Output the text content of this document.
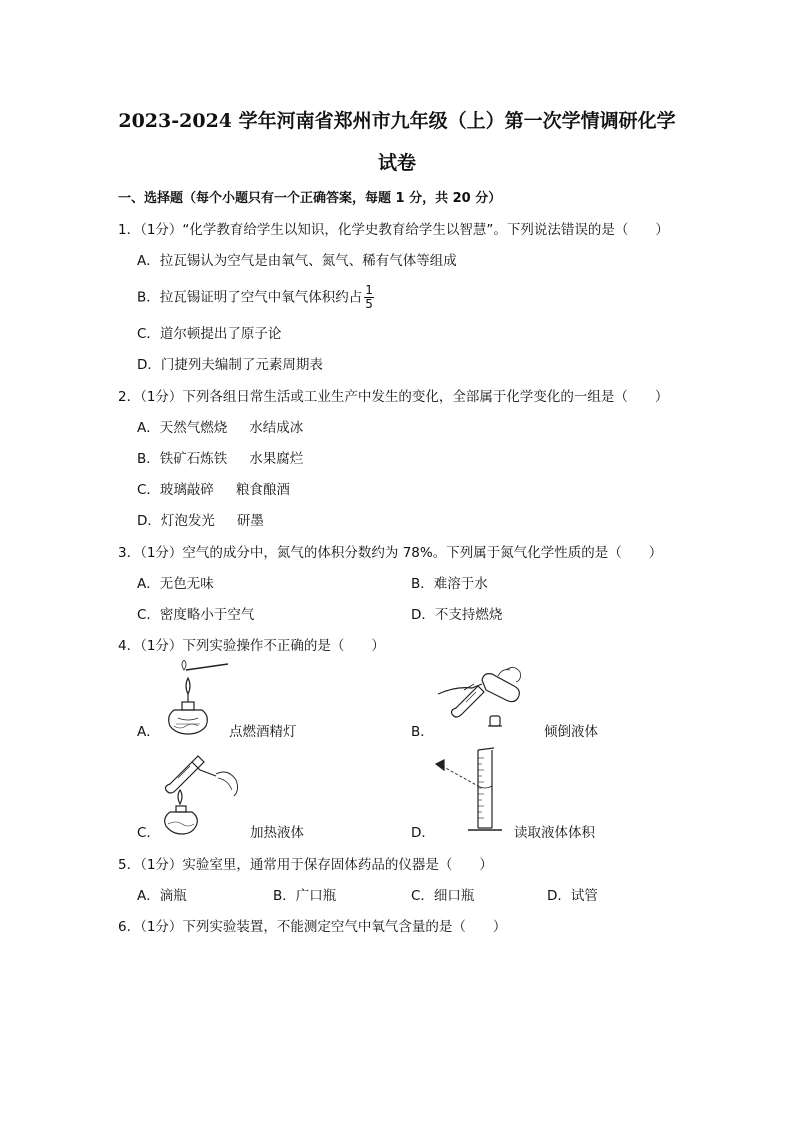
2023-2024 学年河南省郑州市九年级（上）第一次学情调研化学
试卷
一、选择题（每个小题只有一个正确答案，每题 1 分，共 20 分）
1．（1分）“化学教育给学生以知识，化学史教育给学生以智慧”。下列说法错误的是（　　）
A．拉瓦锡认为空气是由氧气、氮气、稀有气体等组成
B．拉瓦锡证明了空气中氧气体积约占 $\frac{1}{5}$
C．道尔顿提出了原子论
D．门捷列夫编制了元素周期表
2．（1分）下列各组日常生活或工业生产中发生的变化，全部属于化学变化的一组是（　　）
A．天然气燃烧 水结成冰
B．铁矿石炼铁 水果腐烂
C．玻璃敲碎 粮食酿酒
D．灯泡发光 研墨
3．（1分）空气的成分中，氮气的体积分数约为 78%。下列属于氮气化学性质的是（　　）
A．无色无味	B．难溶于水
C．密度略小于空气	D．不支持燃烧
4．（1分）下列实验操作不正确的是（　　）
A．	点燃酒精灯	B．	倾倒液体
C．	加热液体	D．	读取液体体积
5．（1分）实验室里，通常用于保存固体药品的仪器是（　　）
A．滴瓶	B．广口瓶	C．细口瓶	D．试管
6．（1分）下列实验装置，不能测定空气中氧气含量的是（　　）
